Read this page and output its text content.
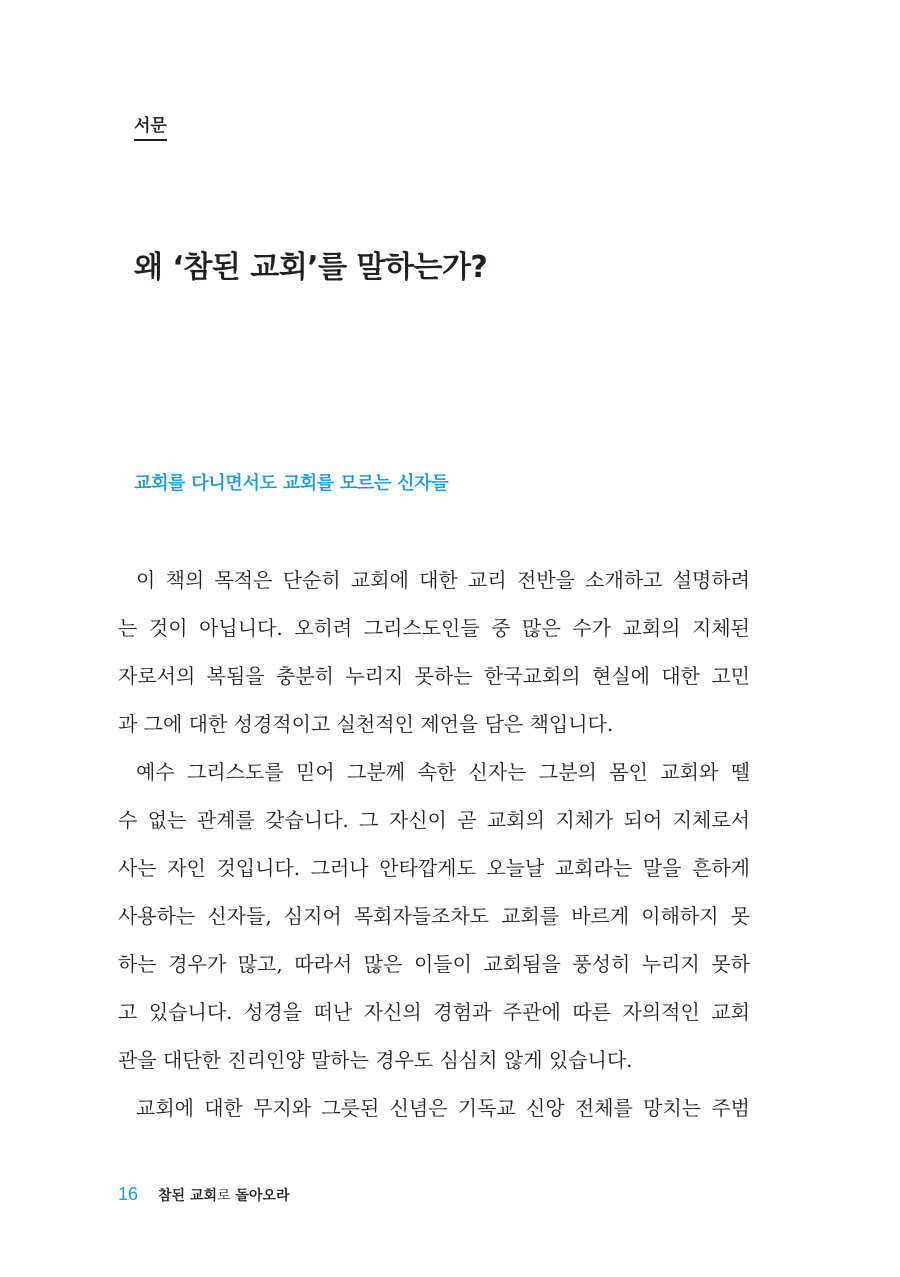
서문
왜 ‘참된 교회’를 말하는가?
교회를 다니면서도 교회를 모르는 신자들
이 책의 목적은 단순히 교회에 대한 교리 전반을 소개하고 설명하려
는 것이 아닙니다. 오히려 그리스도인들 중 많은 수가 교회의 지체된
자로서의 복됨을 충분히 누리지 못하는 한국교회의 현실에 대한 고민
과 그에 대한 성경적이고 실천적인 제언을 담은 책입니다.
예수 그리스도를 믿어 그분께 속한 신자는 그분의 몸인 교회와 뗄
수 없는 관계를 갖습니다. 그 자신이 곧 교회의 지체가 되어 지체로서
사는 자인 것입니다. 그러나 안타깝게도 오늘날 교회라는 말을 흔하게
사용하는 신자들, 심지어 목회자들조차도 교회를 바르게 이해하지 못
하는 경우가 많고, 따라서 많은 이들이 교회됨을 풍성히 누리지 못하
고 있습니다. 성경을 떠난 자신의 경험과 주관에 따른 자의적인 교회
관을 대단한 진리인양 말하는 경우도 심심치 않게 있습니다.
교회에 대한 무지와 그릇된 신념은 기독교 신앙 전체를 망치는 주범
16 참된 교회로 돌아오라
